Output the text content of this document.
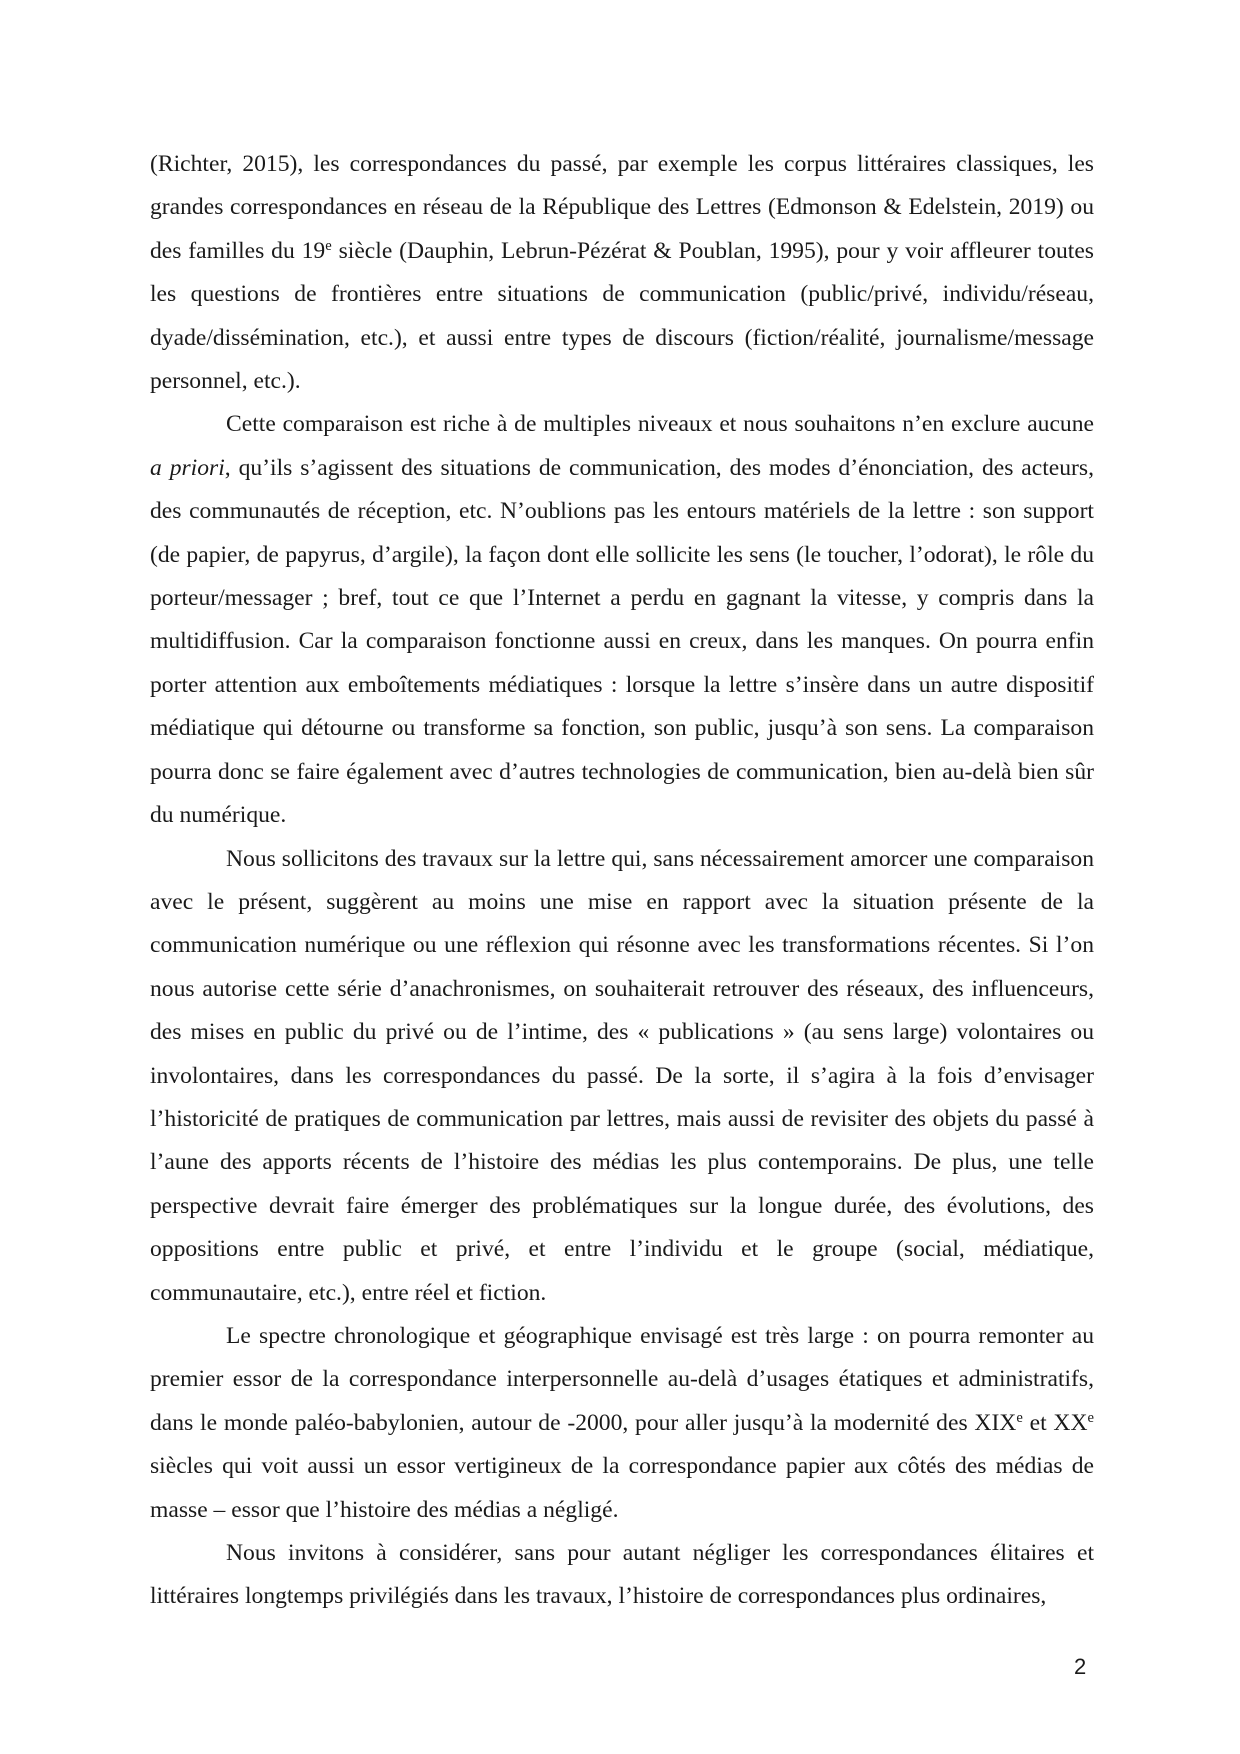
(Richter, 2015), les correspondances du passé, par exemple les corpus littéraires classiques, les grandes correspondances en réseau de la République des Lettres (Edmonson & Edelstein, 2019) ou des familles du 19e siècle (Dauphin, Lebrun-Pézérat & Poublan, 1995), pour y voir affleurer toutes les questions de frontières entre situations de communication (public/privé, individu/réseau, dyade/dissémination, etc.), et aussi entre types de discours (fiction/réalité, journalisme/message personnel, etc.).

Cette comparaison est riche à de multiples niveaux et nous souhaitons n’en exclure aucune a priori, qu’ils s’agissent des situations de communication, des modes d’énonciation, des acteurs, des communautés de réception, etc. N’oublions pas les entours matériels de la lettre : son support (de papier, de papyrus, d’argile), la façon dont elle sollicite les sens (le toucher, l’odorat), le rôle du porteur/messager ; bref, tout ce que l’Internet a perdu en gagnant la vitesse, y compris dans la multidiffusion. Car la comparaison fonctionne aussi en creux, dans les manques. On pourra enfin porter attention aux emboîtements médiatiques : lorsque la lettre s’insère dans un autre dispositif médiatique qui détourne ou transforme sa fonction, son public, jusqu’à son sens. La comparaison pourra donc se faire également avec d’autres technologies de communication, bien au-delà bien sûr du numérique.

Nous sollicitons des travaux sur la lettre qui, sans nécessairement amorcer une comparaison avec le présent, suggèrent au moins une mise en rapport avec la situation présente de la communication numérique ou une réflexion qui résonne avec les transformations récentes. Si l’on nous autorise cette série d’anachronismes, on souhaiterait retrouver des réseaux, des influenceurs, des mises en public du privé ou de l’intime, des « publications » (au sens large) volontaires ou involontaires, dans les correspondances du passé. De la sorte, il s’agira à la fois d’envisager l’historicité de pratiques de communication par lettres, mais aussi de revisiter des objets du passé à l’aune des apports récents de l’histoire des médias les plus contemporains. De plus, une telle perspective devrait faire émerger des problématiques sur la longue durée, des évolutions, des oppositions entre public et privé, et entre l’individu et le groupe (social, médiatique, communautaire, etc.), entre réel et fiction.

Le spectre chronologique et géographique envisagé est très large : on pourra remonter au premier essor de la correspondance interpersonnelle au-delà d’usages étatiques et administratifs, dans le monde paléo-babylonien, autour de -2000, pour aller jusqu’à la modernité des XIXe et XXe siècles qui voit aussi un essor vertigineux de la correspondance papier aux côtés des médias de masse – essor que l’histoire des médias a négligé.

Nous invitons à considérer, sans pour autant négliger les correspondances élitaires et littéraires longtemps privilégiés dans les travaux, l’histoire de correspondances plus ordinaires,

2
